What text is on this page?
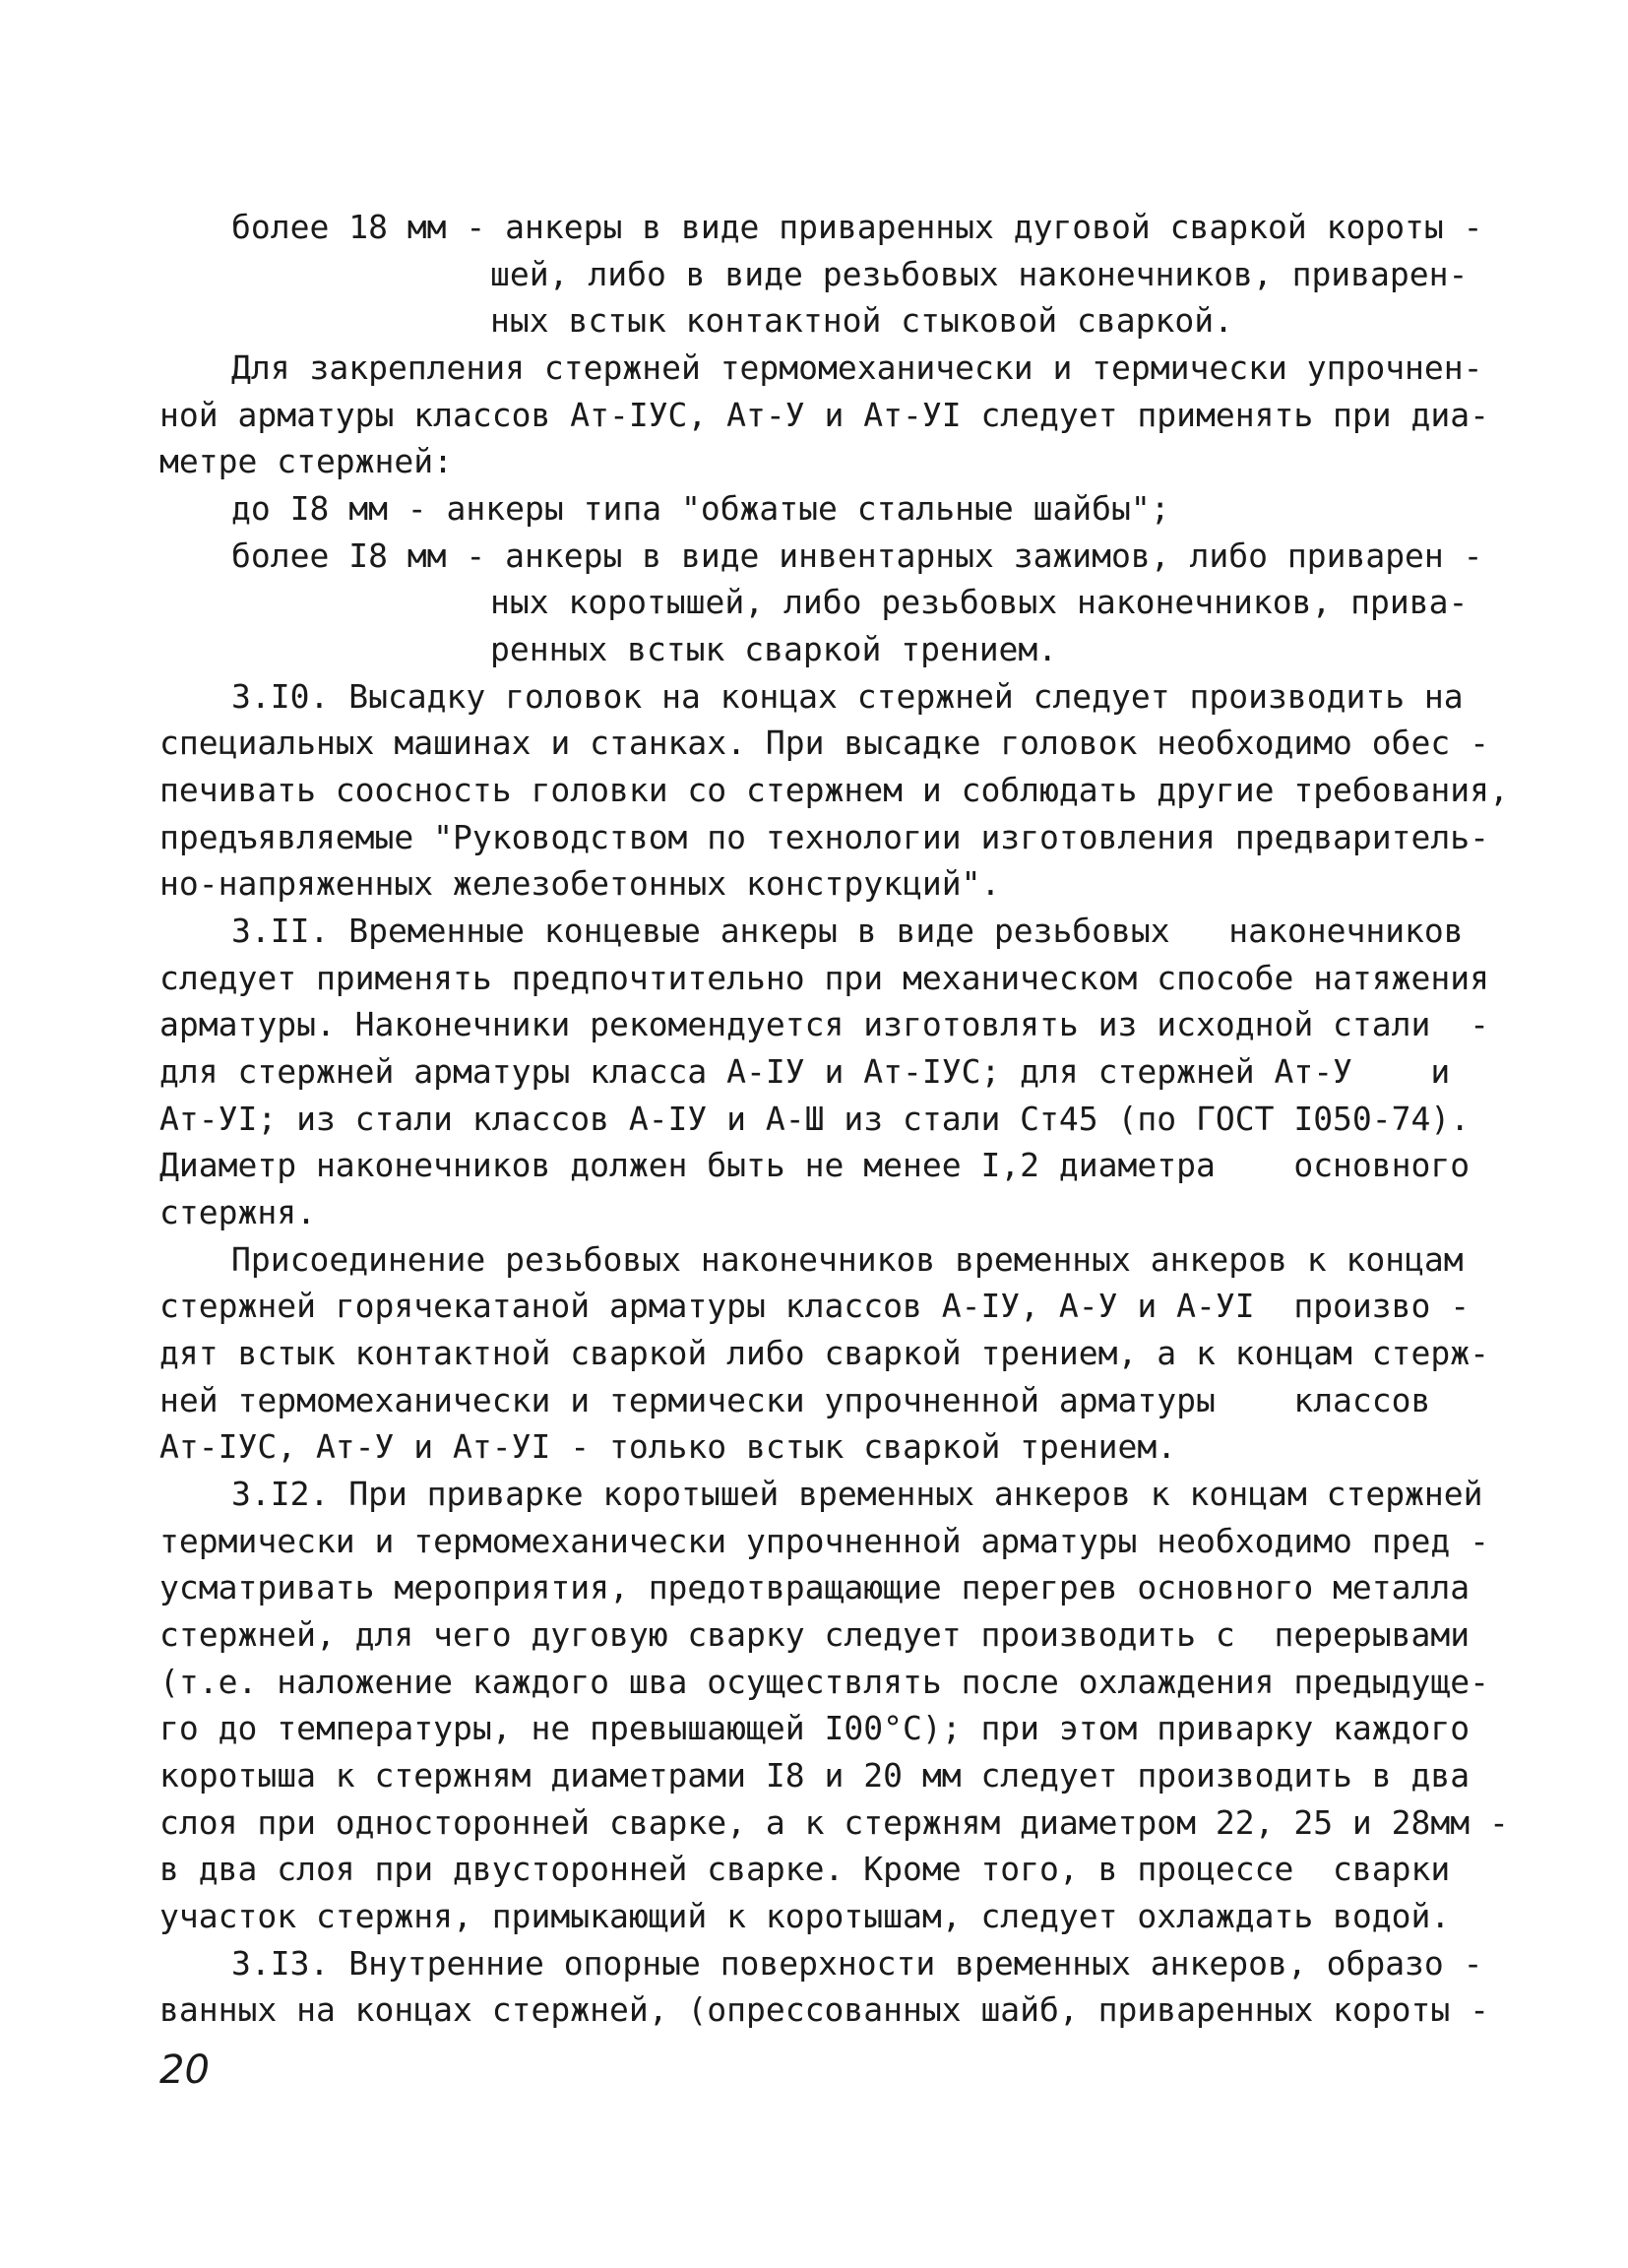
более 18 мм - анкеры в виде приваренных дуговой сваркой короты -
шей, либо в виде резьбовых наконечников, приварен-
ных встык контактной стыковой сваркой.
Для закрепления стержней термомеханически и термически упрочнен-
ной арматуры классов Ат-IУС, Ат-У и Ат-УI следует применять при диа-
метре стержней:
до I8 мм - анкеры типа "обжатые стальные шайбы";
более I8 мм - анкеры в виде инвентарных зажимов, либо приварен -
ных коротышей, либо резьбовых наконечников, прива-
ренных встык сваркой трением.
3.I0. Высадку головок на концах стержней следует производить на
специальных машинах и станках. При высадке головок необходимо обес -
печивать соосность головки со стержнем и соблюдать другие требования,
предъявляемые "Руководством по технологии изготовления предваритель-
но-напряженных железобетонных конструкций".
3.II. Временные концевые анкеры в виде резьбовых   наконечников
следует применять предпочтительно при механическом способе натяжения
арматуры. Наконечники рекомендуется изготовлять из исходной стали  -
для стержней арматуры класса А-IУ и Ат-IУС; для стержней Ат-У    и
Ат-УI; из стали классов А-IУ и А-Ш из стали Ст45 (по ГОСТ I050-74).
Диаметр наконечников должен быть не менее I,2 диаметра    основного
стержня.
Присоединение резьбовых наконечников временных анкеров к концам
стержней горячекатаной арматуры классов А-IУ, А-У и А-УI  произво -
дят встык контактной сваркой либо сваркой трением, а к концам стерж-
ней термомеханически и термически упрочненной арматуры    классов
Ат-IУС, Ат-У и Ат-УI - только встык сваркой трением.
3.I2. При приварке коротышей временных анкеров к концам стержней
термически и термомеханически упрочненной арматуры необходимо пред -
усматривать мероприятия, предотвращающие перегрев основного металла
стержней, для чего дуговую сварку следует производить с  перерывами
(т.е. наложение каждого шва осуществлять после охлаждения предыдуще-
го до температуры, не превышающей I00°С); при этом приварку каждого
коротыша к стержням диаметрами I8 и 20 мм следует производить в два
слоя при односторонней сварке, а к стержням диаметром 22, 25 и 28мм -
в два слоя при двусторонней сварке. Кроме того, в процессе  сварки
участок стержня, примыкающий к коротышам, следует охлаждать водой.
3.I3. Внутренние опорные поверхности временных анкеров, образо -
ванных на концах стержней, (опрессованных шайб, приваренных короты -
20
